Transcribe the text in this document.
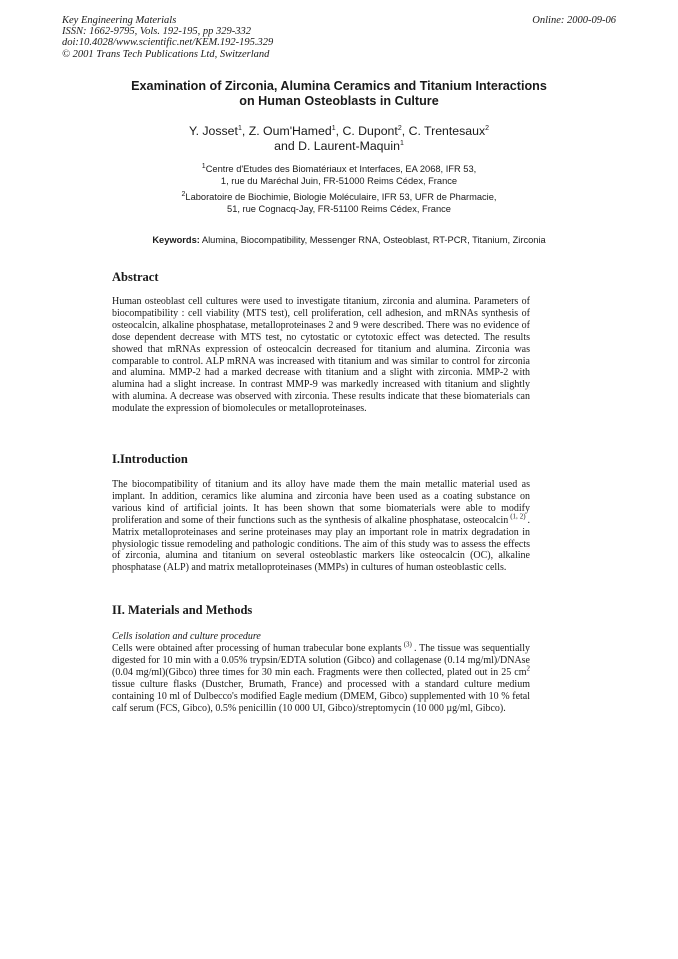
Key Engineering Materials
ISSN: 1662-9795, Vols. 192-195, pp 329-332
doi:10.4028/www.scientific.net/KEM.192-195.329
© 2001 Trans Tech Publications Ltd, Switzerland
Online: 2000-09-06
Examination of Zirconia, Alumina Ceramics and Titanium Interactions
on Human Osteoblasts in Culture
Y. Josset$^1$, Z. Oum'Hamed$^1$, C. Dupont$^2$, C. Trentesaux$^2$
and D. Laurent-Maquin$^1$
$^1$Centre d'Etudes des Biomatériaux et Interfaces, EA 2068, IFR 53,
1, rue du Maréchal Juin, FR-51000 Reims Cédex, France
$^2$Laboratoire de Biochimie, Biologie Moléculaire, IFR 53, UFR de Pharmacie,
51, rue Cognacq-Jay, FR-51100 Reims Cédex, France
Keywords: Alumina, Biocompatibility, Messenger RNA, Osteoblast, RT-PCR, Titanium, Zirconia
Abstract

Human osteoblast cell cultures were used to investigate titanium, zirconia and alumina. Parameters of biocompatibility : cell viability (MTS test), cell proliferation, cell adhesion, and mRNAs synthesis of osteocalcin, alkaline phosphatase, metalloproteinases 2 and 9 were described. There was no evidence of dose dependent decrease with MTS test, no cytostatic or cytotoxic effect was detected. The results showed that mRNAs expression of osteocalcin decreased for titanium and alumina. Zirconia was comparable to control. ALP mRNA was increased with titanium and was similar to control for zirconia and alumina. MMP-2 had a marked decrease with titanium and a slight with zirconia. MMP-2 with alumina had a slight increase. In contrast MMP-9 was markedly increased with titanium and slightly with alumina. A decrease was observed with zirconia. These results indicate that these biomaterials can modulate the expression of biomolecules or metalloproteinases.

I.Introduction

The biocompatibility of titanium and its alloy have made them the main metallic material used as implant. In addition, ceramics like alumina and zirconia have been used as a coating substance on various kind of artificial joints. It has been shown that some biomaterials were able to modify proliferation and some of their functions such as the synthesis of alkaline phosphatase, osteocalcin $^{(1, 2)}$ . Matrix metalloproteinases and serine proteinases may play an important role in matrix degradation in physiologic tissue remodeling and pathologic conditions. The aim of this study was to assess the effects of zirconia, alumina and titanium on several osteoblastic markers like osteocalcin (OC), alkaline phosphatase (ALP) and matrix metalloproteinases (MMPs) in cultures of human osteoblastic cells.

II. Materials and Methods
Cells isolation and culture procedure

Cells were obtained after processing of human trabecular bone explants $^{(3)}$ . The tissue was sequentially digested for 10 min with a 0.05% trypsin/EDTA solution (Gibco) and collagenase (0.14 mg/ml)/DNAse (0.04 mg/ml)(Gibco) three times for 30 min each. Fragments were then collected, plated out in 25 $cm^2$ tissue culture flasks (Dustcher, Brumath, France) and processed with a standard culture medium containing 10 ml of Dulbecco's modified Eagle medium (DMEM, Gibco) supplemented with 10 % fetal calf serum (FCS, Gibco), 0.5% penicillin (10 000 UI, Gibco)/streptomycin (10 000 µg/ml, Gibco).
